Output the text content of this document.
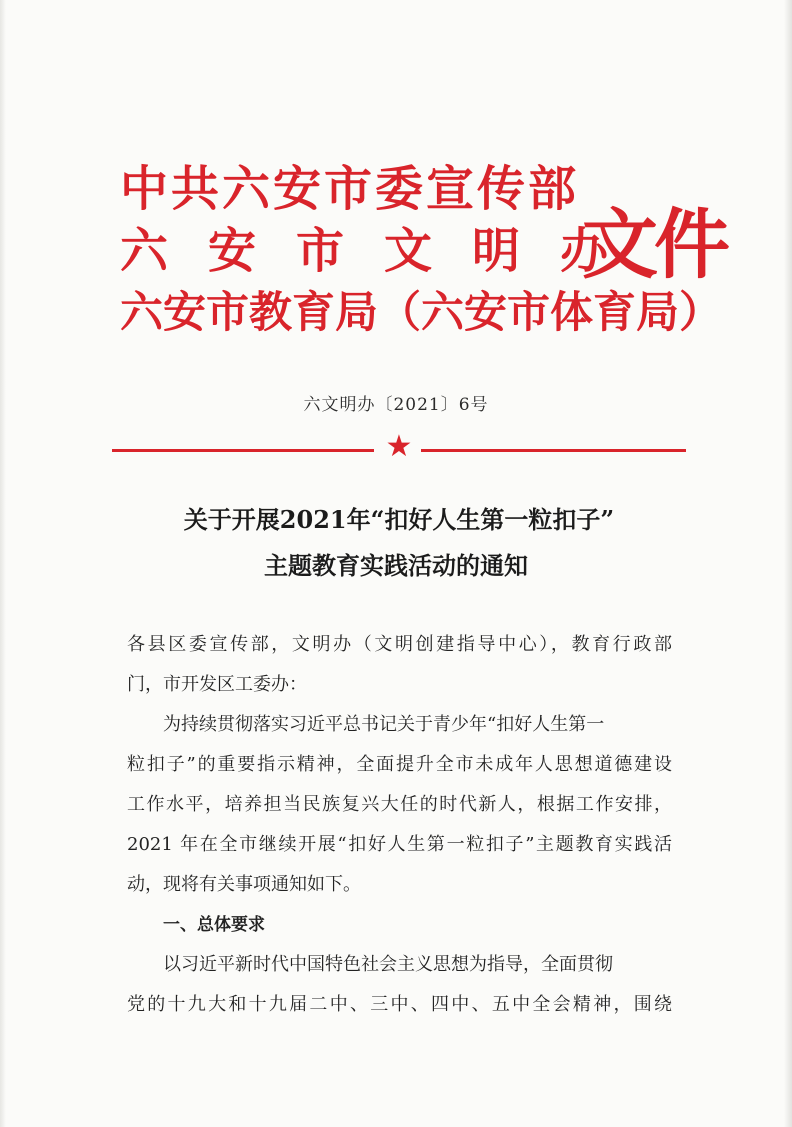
中共六安市委宣传部
六安市文明办
六安市教育局（六安市体育局）
文件
六文明办〔2021〕6号
★
关于开展2021年“扣好人生第一粒扣子”
主题教育实践活动的通知
各县区委宣传部，文明办（文明创建指导中心），教育行政部
门，市开发区工委办：
为持续贯彻落实习近平总书记关于青少年“扣好人生第一
粒扣子”的重要指示精神，全面提升全市未成年人思想道德建设
工作水平，培养担当民族复兴大任的时代新人，根据工作安排，
2021 年在全市继续开展“扣好人生第一粒扣子”主题教育实践活
动，现将有关事项通知如下。
一、总体要求
以习近平新时代中国特色社会主义思想为指导，全面贯彻
党的十九大和十九届二中、三中、四中、五中全会精神，围绕
